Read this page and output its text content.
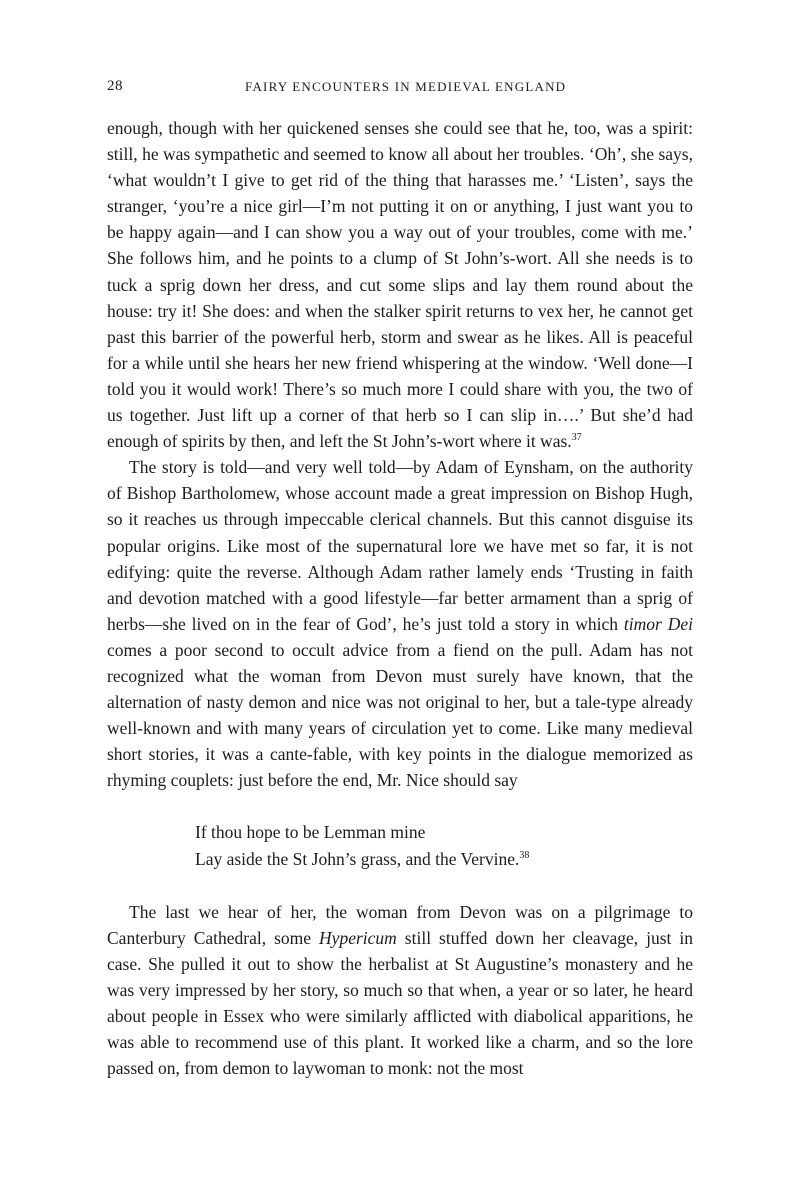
28	FAIRY ENCOUNTERS IN MEDIEVAL ENGLAND

enough, though with her quickened senses she could see that he, too, was a spirit: still, he was sympathetic and seemed to know all about her troubles. ‘Oh’, she says, ‘what wouldn’t I give to get rid of the thing that harasses me.’ ‘Listen’, says the stranger, ‘you’re a nice girl—I’m not putting it on or anything, I just want you to be happy again—and I can show you a way out of your troubles, come with me.’ She follows him, and he points to a clump of St John’s-wort. All she needs is to tuck a sprig down her dress, and cut some slips and lay them round about the house: try it! She does: and when the stalker spirit returns to vex her, he cannot get past this barrier of the powerful herb, storm and swear as he likes. All is peaceful for a while until she hears her new friend whispering at the window. ‘Well done—I told you it would work! There’s so much more I could share with you, the two of us together. Just lift up a corner of that herb so I can slip in….’ But she’d had enough of spirits by then, and left the St John’s-wort where it was.$^{37}$

The story is told—and very well told—by Adam of Eynsham, on the authority of Bishop Bartholomew, whose account made a great impression on Bishop Hugh, so it reaches us through impeccable clerical channels. But this cannot disguise its popular origins. Like most of the supernatural lore we have met so far, it is not edifying: quite the reverse. Although Adam rather lamely ends ‘Trusting in faith and devotion matched with a good lifestyle—far better armament than a sprig of herbs—she lived on in the fear of God’, he’s just told a story in which timor Dei comes a poor second to occult advice from a fiend on the pull. Adam has not recognized what the woman from Devon must surely have known, that the alternation of nasty demon and nice was not original to her, but a tale-type already well-known and with many years of circulation yet to come. Like many medieval short stories, it was a cante-fable, with key points in the dialogue memorized as rhyming couplets: just before the end, Mr. Nice should say

If thou hope to be Lemman mine
Lay aside the St John’s grass, and the Vervine.$^{38}$

The last we hear of her, the woman from Devon was on a pilgrimage to Canterbury Cathedral, some Hypericum still stuffed down her cleavage, just in case. She pulled it out to show the herbalist at St Augustine’s monastery and he was very impressed by her story, so much so that when, a year or so later, he heard about people in Essex who were similarly afflicted with diabolical apparitions, he was able to recommend use of this plant. It worked like a charm, and so the lore passed on, from demon to laywoman to monk: not the most
